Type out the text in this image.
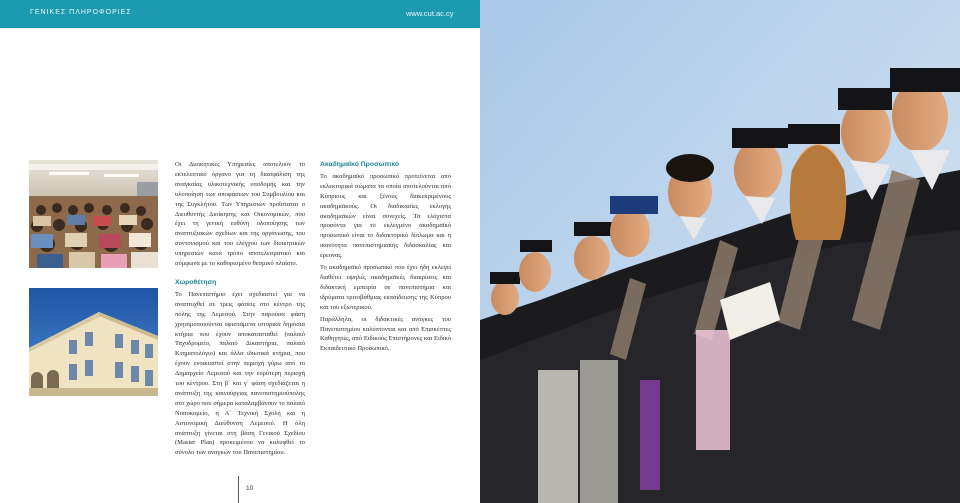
ΓΕΝΙΚΕΣ ΠΛΗΡΟΦΟΡΙΕΣ	www.cut.ac.cy

Οι Διοικητικές Υπηρεσίες αποτελούν το εκτελεστικό όργανο για τη διασφάλιση της αναγκαίας υλικοτεχνικής υποδομής και την υλοποίηση των αποφάσεων του Συμβουλίου και της Συγκλήτου. Των Υπηρεσιών προΐσταται ο Διευθυντής Διοίκησης και Οικονομικών, που έχει τη γενική ευθύνη υλοποίησης των αναπτυξιακών σχεδίων και της οργάνωσης, του συντονισμού και του ελέγχου των διοικητικών υπηρεσιών κατά τρόπο αποτελεσματικό και σύμφωνα με το καθορισμένο θεσμικό πλαίσιο.

Χωροθέτηση

Το Πανεπιστήμιο έχει σχεδιαστεί για να αναπτυχθεί σε τρεις φάσεις στο κέντρο της πόλης της Λεμεσού. Στην παρούσα φάση χρησιμοποιούνται υφιστάμενα ιστορικά δημόσια κτήρια που έχουν αποκατασταθεί (παλαιό Ταχυδρομείο, παλαιό Δικαστήρια, παλαιό Κτηματολόγιο) και άλλα ιδιωτικά κτήρια, που έχουν ενοικιαστεί στην περιοχή γύρω από το Δημαρχείο Λεμεσού και την ευρύτερη περιοχή του κέντρου. Στη β΄ και γ΄ φάση σχεδιάζεται η ανάπτυξη της καινούργιας πανεπιστημιούπολης στο χώρο που σήμερα καταλαμβάνουν το παλαιό Νοσοκομείο, η Α΄ Τεχνική Σχολή και η Αστυνομική Διεύθυνση Λεμεσού. Η όλη ανάπτυξη γίνεται στη βάση Γενικού Σχεδίου (Master Plan) προκειμένου να καλυφθεί το σύνολο των αναγκών του Πανεπιστημίου.

Ακαδημαϊκό Προσωπικό

Το ακαδημαϊκό προσωπικό προτείνεται από εκλεκτορικά σώματα τα οποία αποτελούνται από Κύπριους και ξένους διακεκριμένους ακαδημαϊκούς. Οι διαδικασίες εκλογής ακαδημαϊκών είναι συνεχείς. Τα ελάχιστα προσόντα για το εκλεγμένο ακαδημαϊκό προσωπικό είναι το διδακτορικό δίπλωμα και η ικανότητα πανεπιστημιακής διδασκαλίας και έρευνας.

Το ακαδημαϊκό προσωπικό που έχει ήδη εκλεγεί διαθέτει υψηλές ακαδημαϊκές διακρίσεις και διδακτική εμπειρία σε πανεπιστήμια και ιδρύματα τριτοβάθμιας εκπαίδευσης της Κύπρου και του εξωτερικού.

Παράλληλα, οι διδακτικές ανάγκες του Πανεπιστημίου καλύπτονται και από Επισκέπτες Καθηγητές, από Ειδικούς Επιστήμονες και Ειδικό Εκπαιδευτικό Προσωπικό.

10
